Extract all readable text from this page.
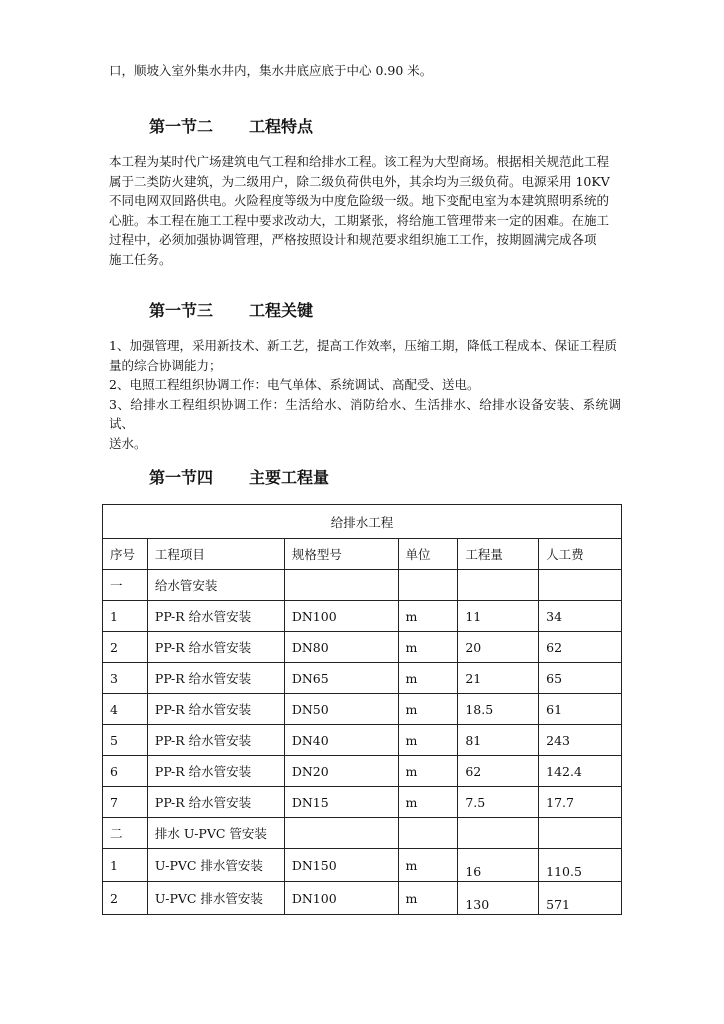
口，顺坡入室外集水井内，集水井底应底于中心 0.90 米。

第一节二 工程特点

本工程为某时代广场建筑电气工程和给排水工程。该工程为大型商场。根据相关规范此工程
属于二类防火建筑，为二级用户，除二级负荷供电外，其余均为三级负荷。电源采用 10KV
不同电网双回路供电。火险程度等级为中度危险级一级。地下变配电室为本建筑照明系统的
心脏。本工程在施工工程中要求改动大，工期紧张，将给施工管理带来一定的困难。在施工
过程中，必须加强协调管理，严格按照设计和规范要求组织施工工作，按期圆满完成各项
施工任务。

第一节三 工程关键

1、加强管理，采用新技术、新工艺，提高工作效率，压缩工期，降低工程成本、保证工程质
量的综合协调能力；
2、电照工程组织协调工作：电气单体、系统调试、高配受、送电。
3、给排水工程组织协调工作：生活给水、消防给水、生活排水、给排水设备安装、系统调试、
送水。

第一节四 主要工程量
给排水工程					
序号	工程项目	规格型号	单位	工程量	人工费
一	给水管安装				
1	PP-R 给水管安装	DN100	m	11	34
2	PP-R 给水管安装	DN80	m	20	62
3	PP-R 给水管安装	DN65	m	21	65
4	PP-R 给水管安装	DN50	m	18.5	61
5	PP-R 给水管安装	DN40	m	81	243
6	PP-R 给水管安装	DN20	m	62	142.4
7	PP-R 给水管安装	DN15	m	7.5	17.7
二	排水 U-PVC 管安装				
1	U-PVC 排水管安装	DN150	m	16	110.5
2	U-PVC 排水管安装	DN100	m	130	571
